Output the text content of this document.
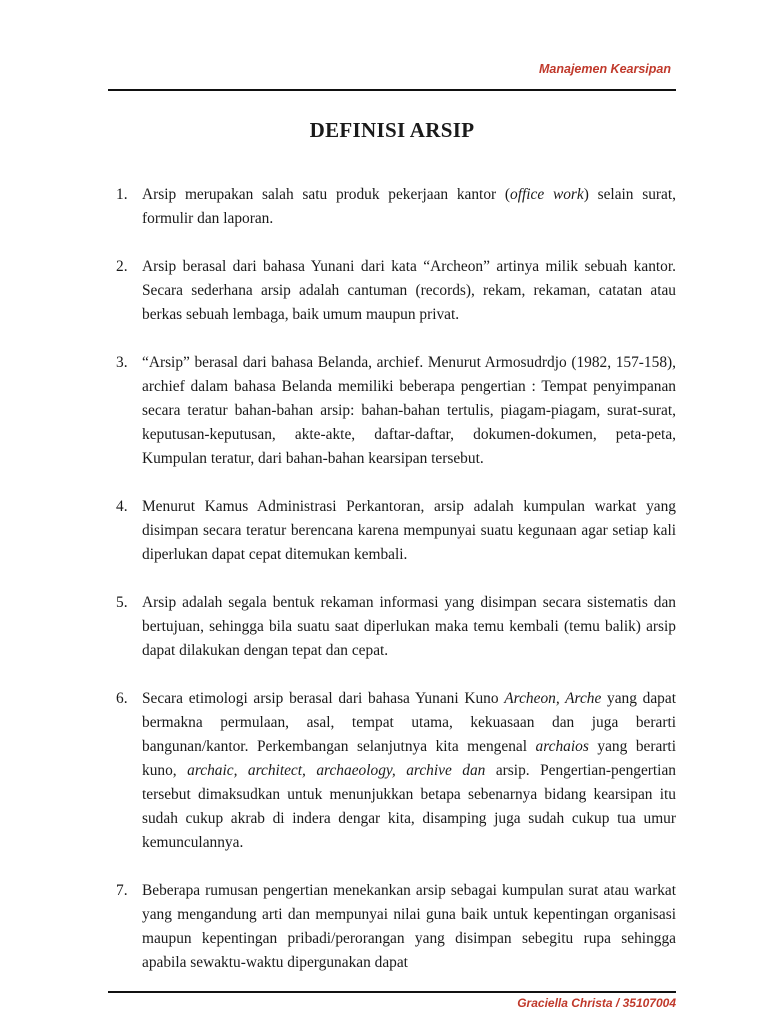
Manajemen Kearsipan
DEFINISI ARSIP
1. Arsip merupakan salah satu produk pekerjaan kantor (office work) selain surat, formulir dan laporan.
2. Arsip berasal dari bahasa Yunani dari kata “Archeon” artinya milik sebuah kantor. Secara sederhana arsip adalah cantuman (records), rekam, rekaman, catatan atau berkas sebuah lembaga, baik umum maupun privat.
3. “Arsip” berasal dari bahasa Belanda, archief. Menurut Armosudrdjo (1982, 157-158), archief dalam bahasa Belanda memiliki beberapa pengertian : Tempat penyimpanan secara teratur bahan-bahan arsip: bahan-bahan tertulis, piagam-piagam, surat-surat, keputusan-keputusan, akte-akte, daftar-daftar, dokumen-dokumen, peta-peta, Kumpulan teratur, dari bahan-bahan kearsipan tersebut.
4. Menurut Kamus Administrasi Perkantoran, arsip adalah kumpulan warkat yang disimpan secara teratur berencana karena mempunyai suatu kegunaan agar setiap kali diperlukan dapat cepat ditemukan kembali.
5. Arsip adalah segala bentuk rekaman informasi yang disimpan secara sistematis dan bertujuan, sehingga bila suatu saat diperlukan maka temu kembali (temu balik) arsip dapat dilakukan dengan tepat dan cepat.
6. Secara etimologi arsip berasal dari bahasa Yunani Kuno Archeon, Arche yang dapat bermakna permulaan, asal, tempat utama, kekuasaan dan juga berarti bangunan/kantor. Perkembangan selanjutnya kita mengenal archaios yang berarti kuno, archaic, architect, archaeology, archive dan arsip. Pengertian-pengertian tersebut dimaksudkan untuk menunjukkan betapa sebenarnya bidang kearsipan itu sudah cukup akrab di indera dengar kita, disamping juga sudah cukup tua umur kemunculannya.
7. Beberapa rumusan pengertian menekankan arsip sebagai kumpulan surat atau warkat yang mengandung arti dan mempunyai nilai guna baik untuk kepentingan organisasi maupun kepentingan pribadi/perorangan yang disimpan sebegitu rupa sehingga apabila sewaktu-waktu dipergunakan dapat
Graciella Christa / 35107004
